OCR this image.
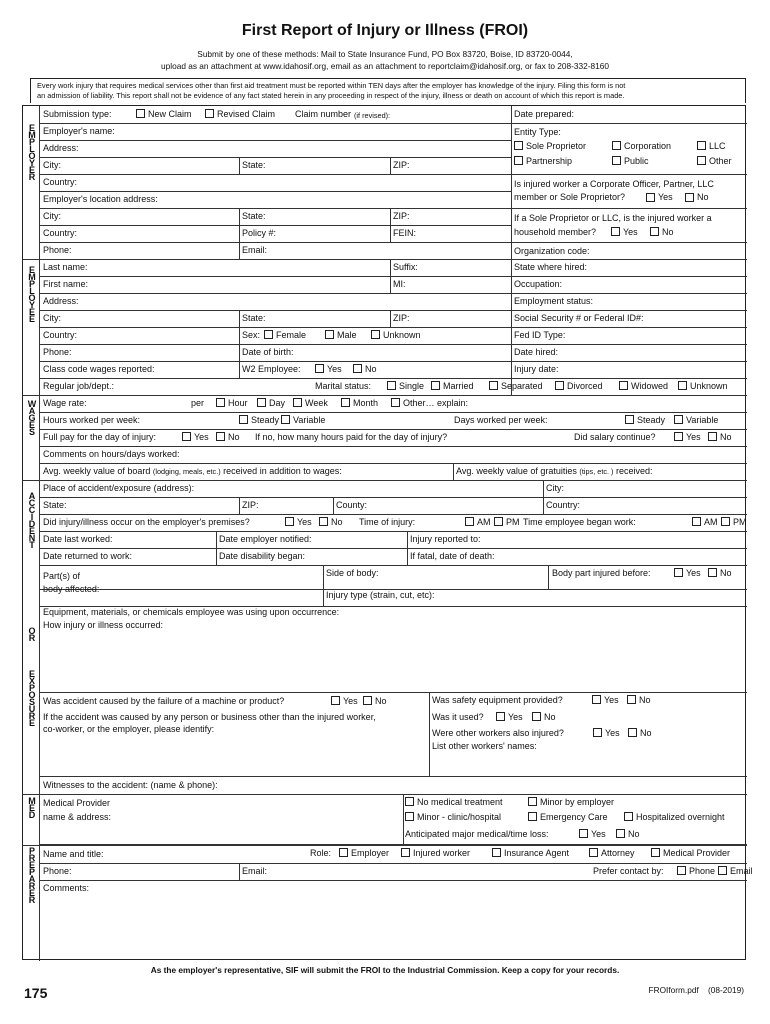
First Report of Injury or Illness (FROI)
Submit by one of these methods: Mail to State Insurance Fund, PO Box 83720, Boise, ID 83720-0044,
upload as an attachment at www.idahosif.org, email as an attachment to reportclaim@idahosif.org, or fax to 208-332-8160
Every work injury that requires medical services other than first aid treatment must be reported within TEN days after the employer has knowledge of the injury. Filing this form is not
an admission of liability. This report shall not be evidence of any fact stated herein in any proceeding in respect of the injury, illness or death on account of which this report is made.
EMPLOYER
EMPLOYEE
WAGES
ACCIDENT
OR
EXPOSURE
MED
PREPARER
Submission type:	New Claim	Revised Claim Claim number (if revised):	Date prepared:
Employer's name:
Address:
City:	State:	ZIP:
Country:
Employer's location address:
City:	State:	ZIP:
Country:	Policy #:	FEIN:
Phone:	Email:
Entity Type:
Sole Proprietor	Corporation	LLC
Partnership	Public	Other
Is injured worker a Corporate Officer, Partner, LLC
member or Sole Proprietor?	Yes	No
If a Sole Proprietor or LLC, is the injured worker a
household member?	Yes	No
Organization code:
Last name:	Suffix:	State where hired:
First name:	MI:	Occupation:
Address:	Employment status:
City:	State:	ZIP:	Social Security # or Federal ID#:
Country:	Sex: Female	Male	Unknown	Fed ID Type:
Phone:	Date of birth:	Date hired:
Class code wages reported:	W2 Employee:	Yes	No	Injury date:
Regular job/dept.:	Marital status:	Single Married	Separated	Divorced	Widowed Unknown
Wage rate:	per	Hour Day Week	Month	Other… explain:
Hours worked per week:	Steady Variable	Days worked per week:	Steady Variable
Full pay for the day of injury:	Yes No If no, how many hours paid for the day of injury?	Did salary continue?	Yes No
Comments on hours/days worked:
Avg. weekly value of board (lodging, meals, etc.) received in addition to wages:	Avg. weekly value of gratuities (tips, etc. ) received:
Place of accident/exposure (address):	City:
State:	ZIP:	County:	Country:
Did injury/illness occur on the employer's premises?	Yes No Time of injury:	AM PM Time employee began work:	AM PM
Date last worked:	Date employer notified:	Injury reported to:
Date returned to work:	Date disability began:	If fatal, date of death:
Part(s) of
body affected:
Side of body:	Body part injured before:	Yes No
Injury type (strain, cut, etc):
Equipment, materials, or chemicals employee was using upon occurrence:
How injury or illness occurred:
Was accident caused by the failure of a machine or product?	Yes No
If the accident was caused by any person or business other than the injured worker,
co-worker, or the employer, please identify:
Was safety equipment provided?	Yes No
Was it used?	Yes No
Were other workers also injured?	Yes No
List other workers' names:
Witnesses to the accident: (name & phone):
Medical Provider
name & address:
No medical treatment	Minor by employer
Minor - clinic/hospital	Emergency Care	Hospitalized overnight
Anticipated major medical/time loss:	Yes No
Name and title:	Role: Employer	Injured worker	Insurance Agent	Attorney	Medical Provider
Phone:	Email:	Prefer contact by:	Phone Email
Comments:
As the employer's representative, SIF will submit the FROI to the Industrial Commission. Keep a copy for your records.
175	FROIform.pdf    (08-2019)
